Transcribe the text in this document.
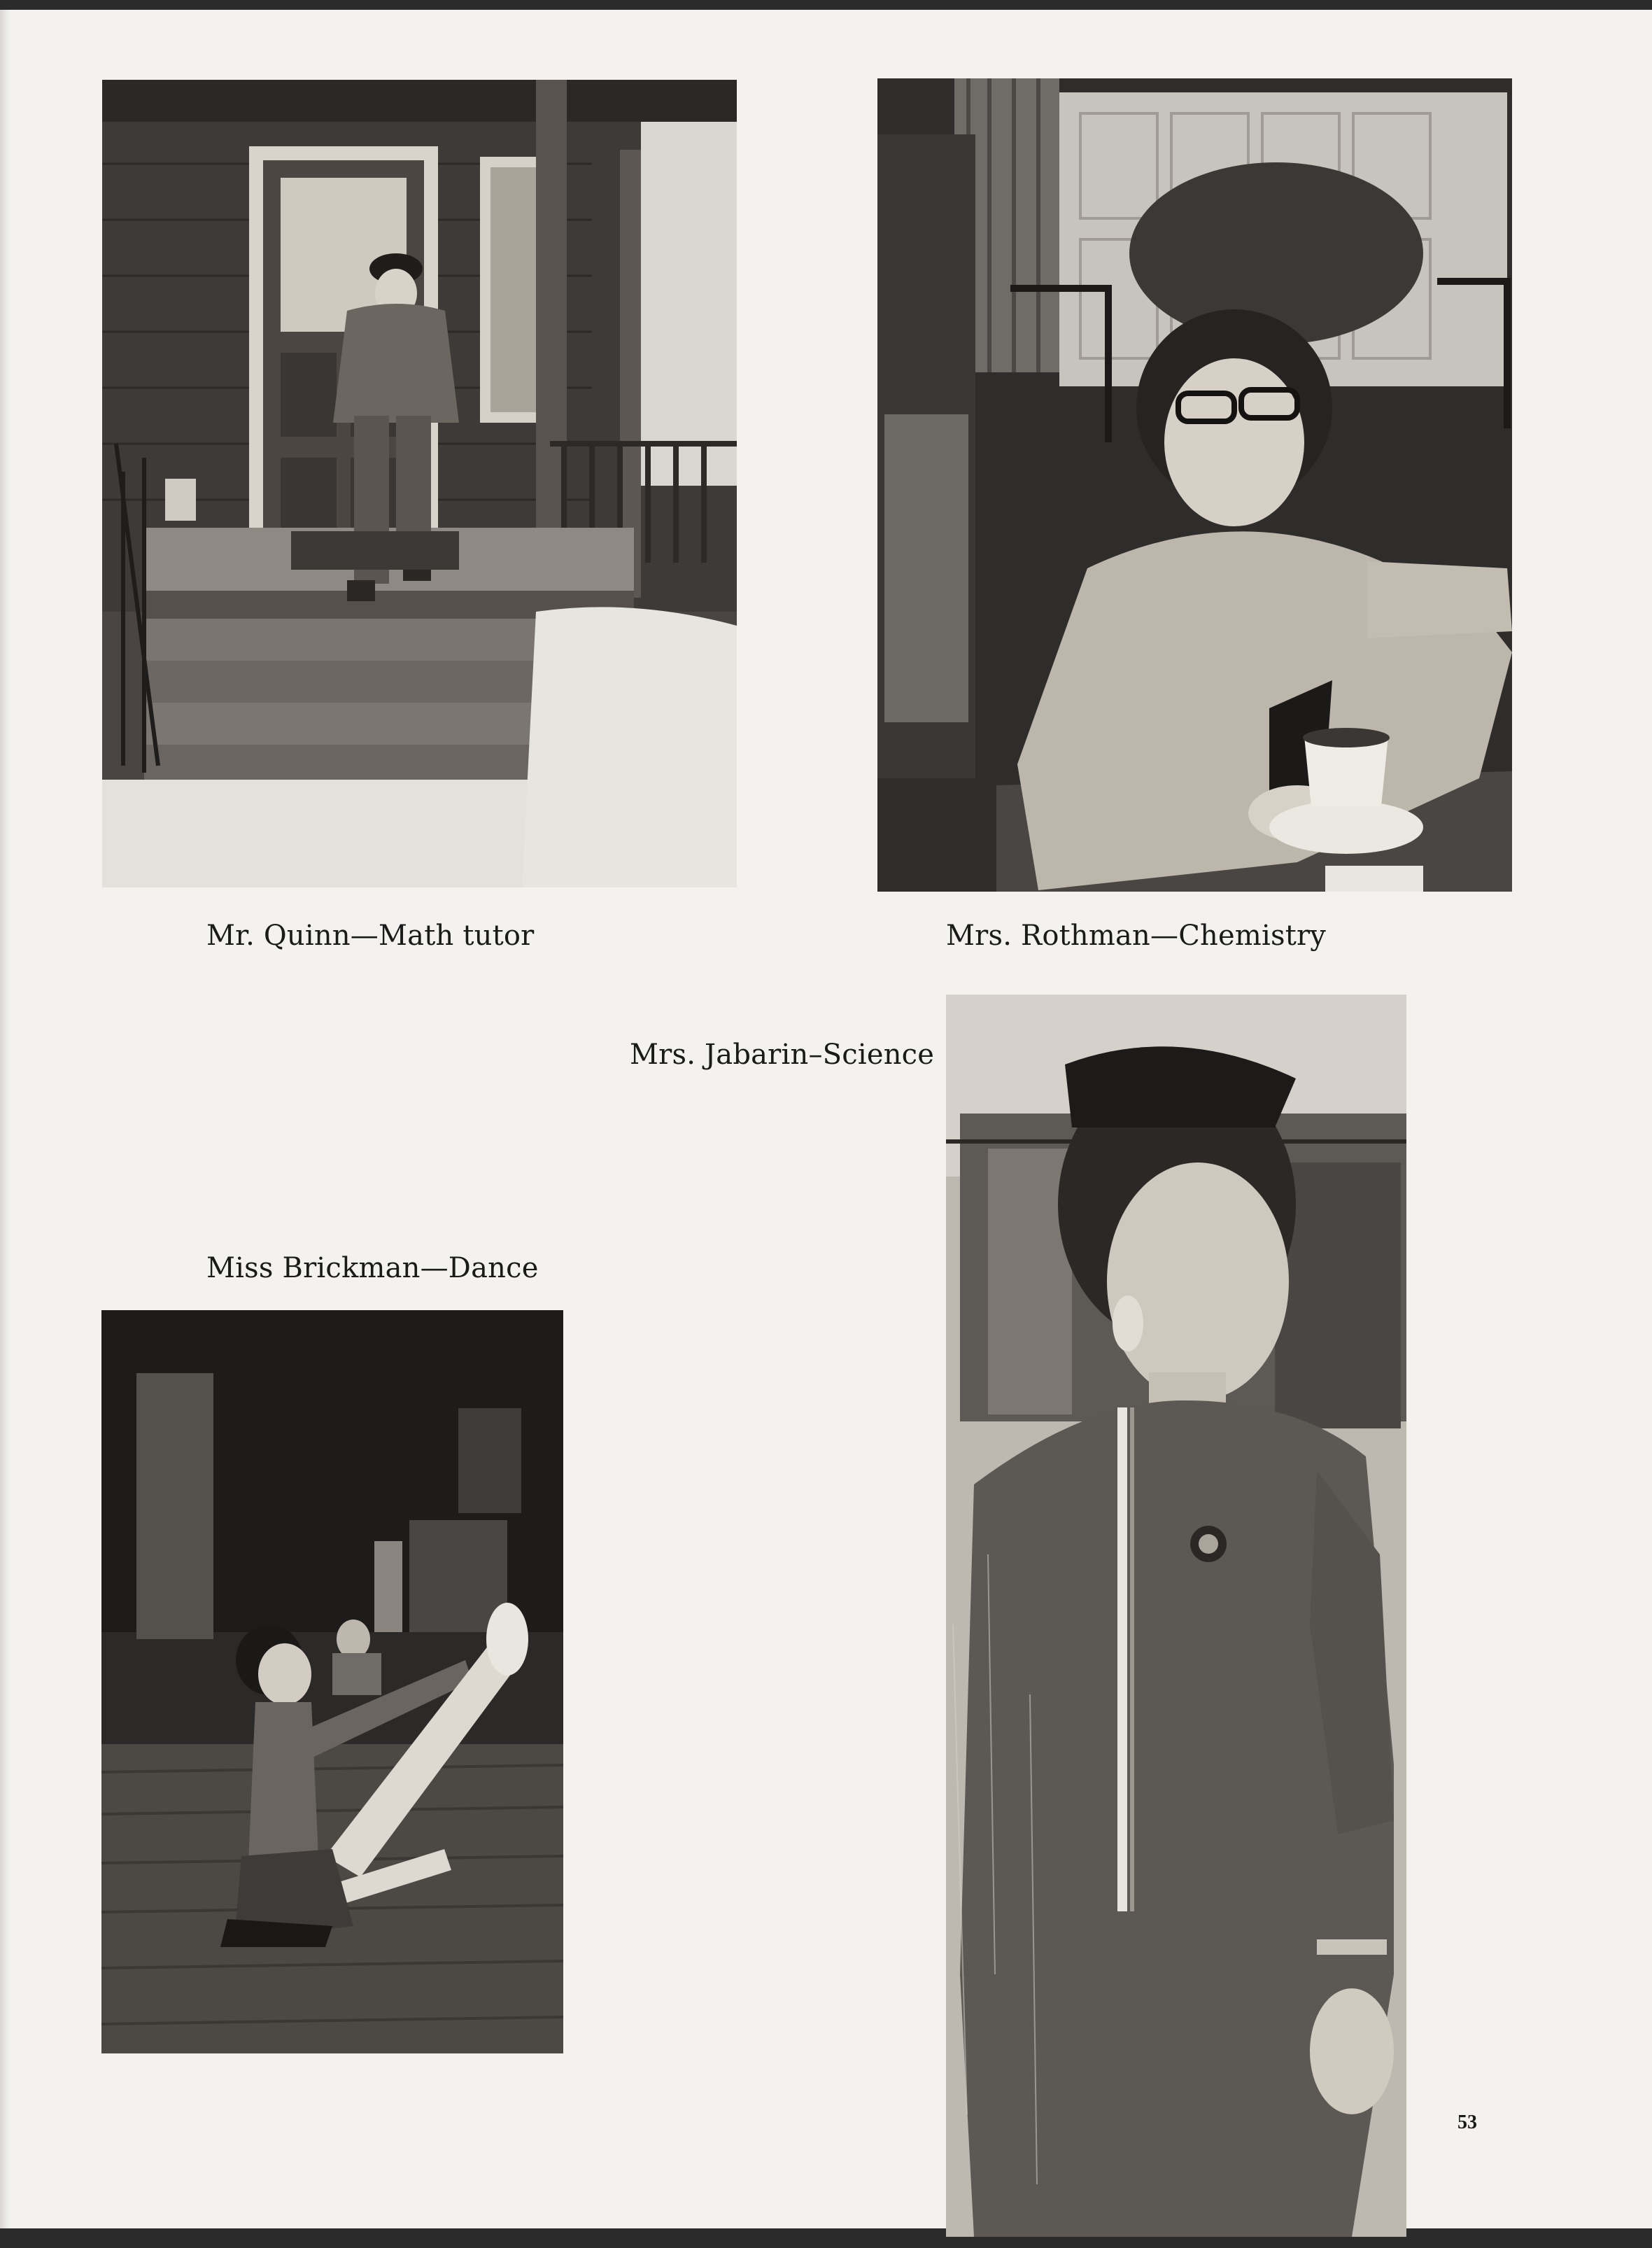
Mr. Quinn—Math tutor	Mrs. Rothman—Chemistry
Mrs. Jabarin–Science
Miss Brickman—Dance
53
